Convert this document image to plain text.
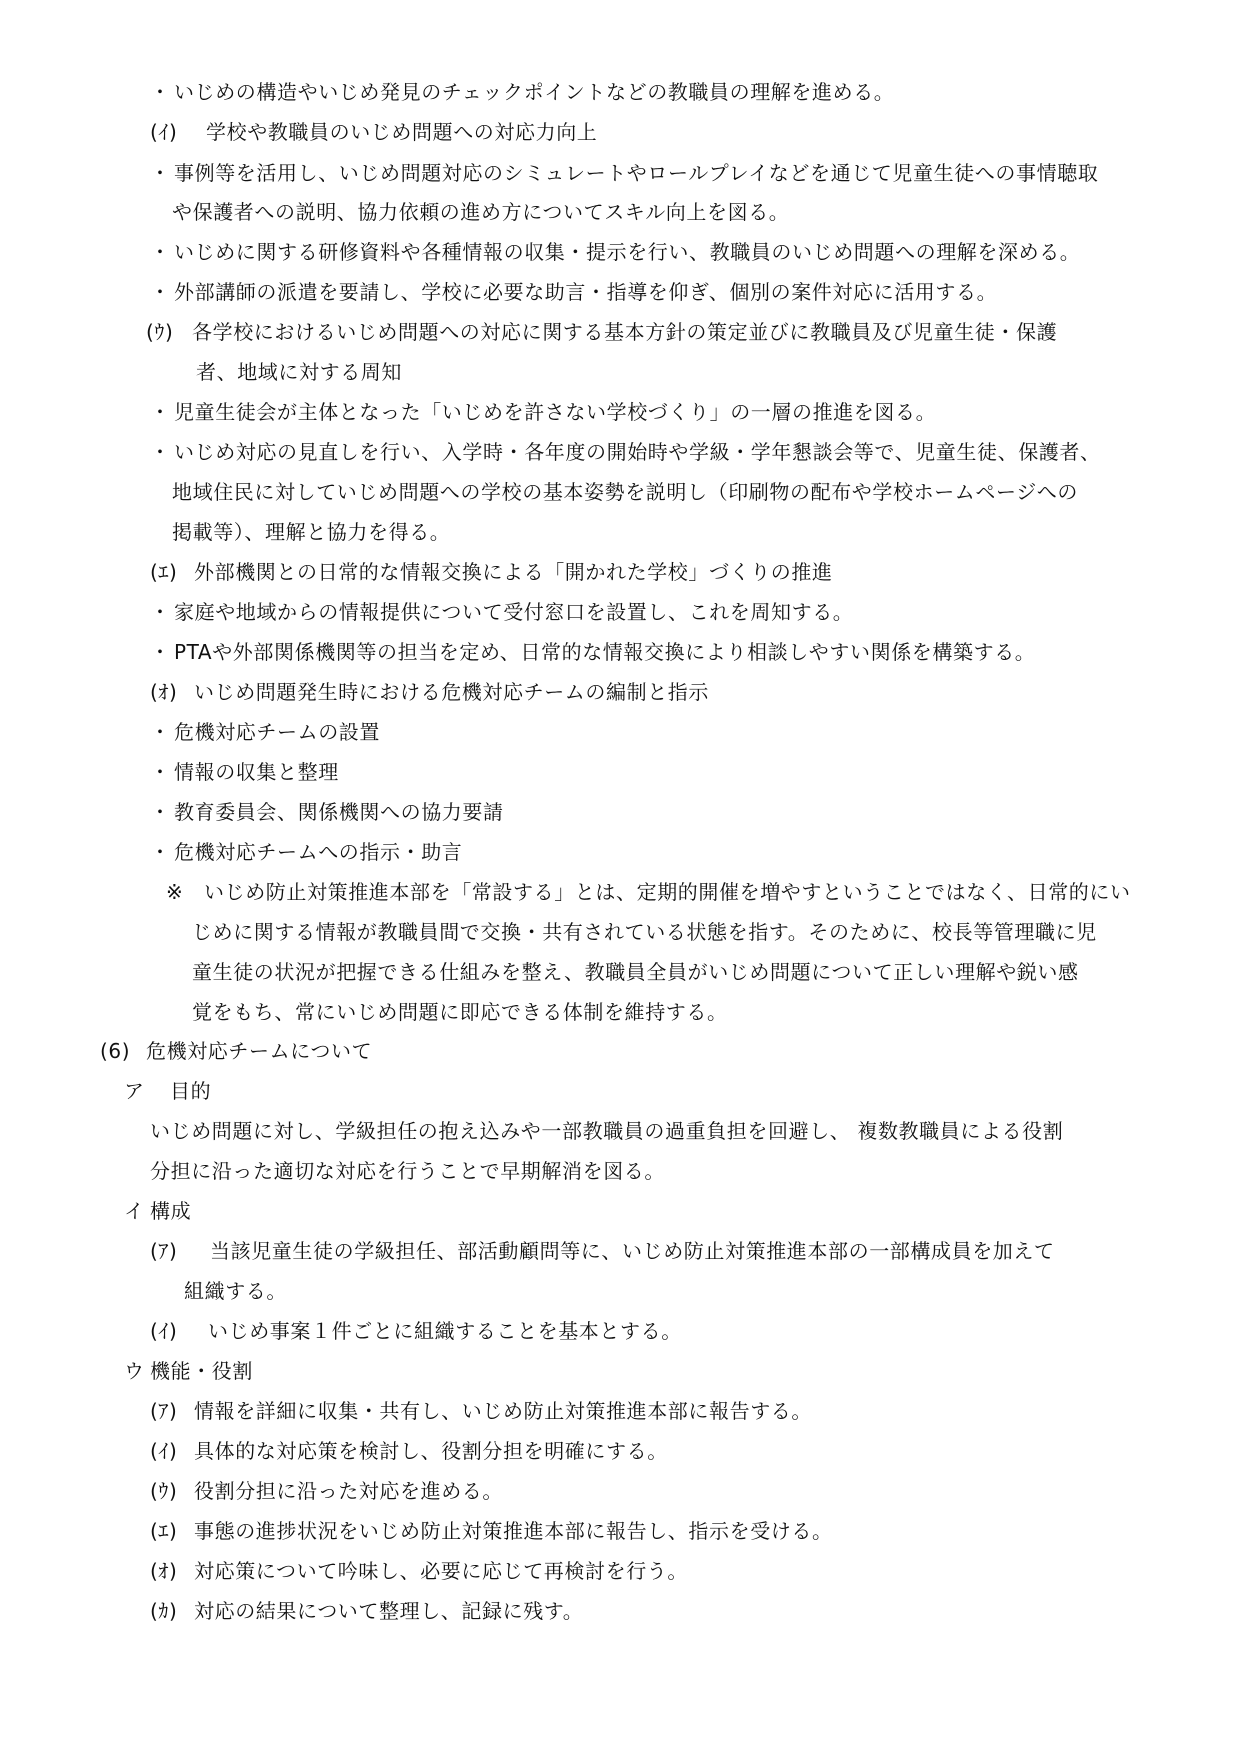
・ いじめの構造やいじめ発見のチェックポイントなどの教職員の理解を進める。
(ｲ) 学校や教職員のいじめ問題への対応力向上
・ 事例等を活用し、いじめ問題対応のシミュレートやロールプレイなどを通じて児童生徒への事情聴取
や保護者への説明、協力依頼の進め方についてスキル向上を図る。
・ いじめに関する研修資料や各種情報の収集・提示を行い、教職員のいじめ問題への理解を深める。
・ 外部講師の派遣を要請し、学校に必要な助言・指導を仰ぎ、個別の案件対応に活用する。
(ｳ) 各学校におけるいじめ問題への対応に関する基本方針の策定並びに教職員及び児童生徒・保護
者、地域に対する周知
・ 児童生徒会が主体となった「いじめを許さない学校づくり」の一層の推進を図る。
・ いじめ対応の見直しを行い、入学時・各年度の開始時や学級・学年懇談会等で、児童生徒、保護者、
地域住民に対していじめ問題への学校の基本姿勢を説明し（印刷物の配布や学校ホームページへの
掲載等）、理解と協力を得る。
(ｴ) 外部機関との日常的な情報交換による「開かれた学校」づくりの推進
・ 家庭や地域からの情報提供について受付窓口を設置し、これを周知する。
・ PTAや外部関係機関等の担当を定め、日常的な情報交換により相談しやすい関係を構築する。
(ｵ) いじめ問題発生時における危機対応チームの編制と指示
・ 危機対応チームの設置
・ 情報の収集と整理
・ 教育委員会、関係機関への協力要請
・ 危機対応チームへの指示・助言
※ いじめ防止対策推進本部を「常設する」とは、定期的開催を増やすということではなく、日常的にい
じめに関する情報が教職員間で交換・共有されている状態を指す。そのために、校長等管理職に児
童生徒の状況が把握できる仕組みを整え、教職員全員がいじめ問題について正しい理解や鋭い感
覚をもち、常にいじめ問題に即応できる体制を維持する。
(6) 危機対応チームについて
ア 目的
いじめ問題に対し、学級担任の抱え込みや一部教職員の過重負担を回避し、 複数教職員による役割
分担に沿った適切な対応を行うことで早期解消を図る。
イ 構成
(ｱ) 当該児童生徒の学級担任、部活動顧問等に、いじめ防止対策推進本部の一部構成員を加えて
組織する。
(ｲ) いじめ事案１件ごとに組織することを基本とする。
ウ 機能・役割
(ｱ) 情報を詳細に収集・共有し、いじめ防止対策推進本部に報告する。
(ｲ) 具体的な対応策を検討し、役割分担を明確にする。
(ｳ) 役割分担に沿った対応を進める。
(ｴ) 事態の進捗状況をいじめ防止対策推進本部に報告し、指示を受ける。
(ｵ) 対応策について吟味し、必要に応じて再検討を行う。
(ｶ) 対応の結果について整理し、記録に残す。
